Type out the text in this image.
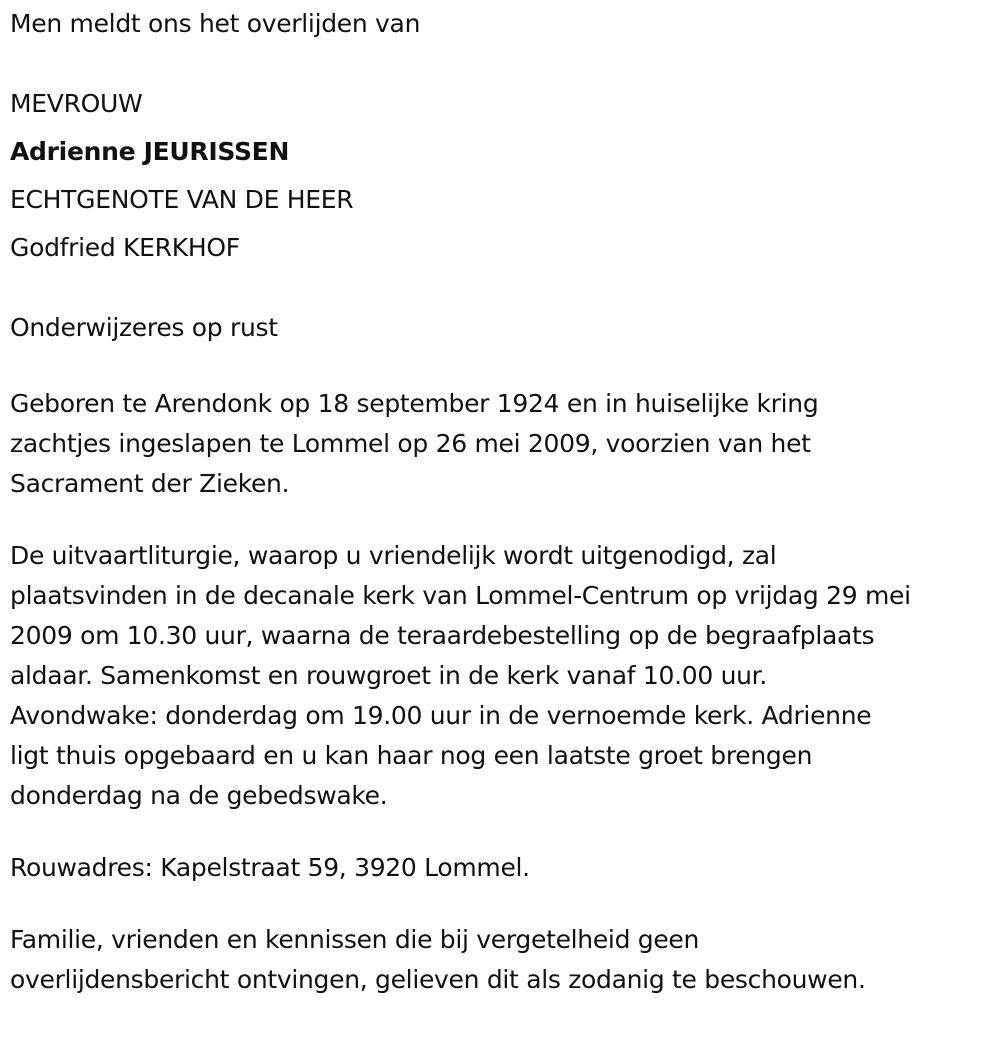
Men meldt ons het overlijden van
MEVROUW
Adrienne JEURISSEN
ECHTGENOTE VAN DE HEER
Godfried KERKHOF
Onderwijzeres op rust
Geboren te Arendonk op 18 september 1924 en in huiselijke kring
zachtjes ingeslapen te Lommel op 26 mei 2009, voorzien van het
Sacrament der Zieken.
De uitvaartliturgie, waarop u vriendelijk wordt uitgenodigd, zal
plaatsvinden in de decanale kerk van Lommel-Centrum op vrijdag 29 mei
2009 om 10.30 uur, waarna de teraardebestelling op de begraafplaats
aldaar. Samenkomst en rouwgroet in de kerk vanaf 10.00 uur.
Avondwake: donderdag om 19.00 uur in de vernoemde kerk. Adrienne
ligt thuis opgebaard en u kan haar nog een laatste groet brengen
donderdag na de gebedswake.
Rouwadres: Kapelstraat 59, 3920 Lommel.
Familie, vrienden en kennissen die bij vergetelheid geen
overlijdensbericht ontvingen, gelieven dit als zodanig te beschouwen.
